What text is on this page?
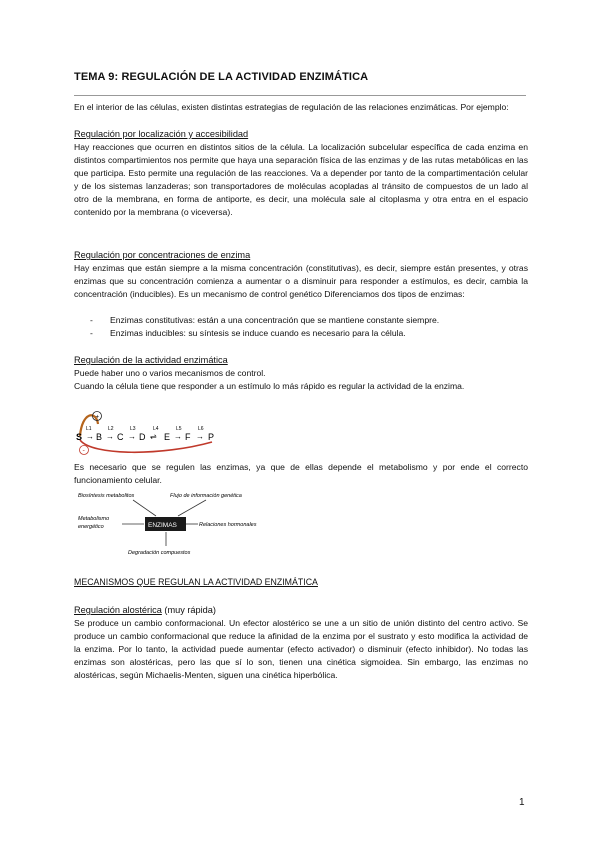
TEMA 9: REGULACIÓN DE LA ACTIVIDAD ENZIMÁTICA

En el interior de las células, existen distintas estrategias de regulación de las relaciones enzimáticas. Por ejemplo:

Regulación por localización y accesibilidad

Hay reacciones que ocurren en distintos sitios de la célula. La localización subcelular específica de cada enzima en distintos compartimientos nos permite que haya una separación física de las enzimas y de las rutas metabólicas en las que participa. Esto permite una regulación de las reacciones. Va a depender por tanto de la compartimentación celular y de los sistemas lanzaderas; son transportadores de moléculas acopladas al tránsito de compuestos de un lado al otro de la membrana, en forma de antiporte, es decir, una molécula sale al citoplasma y otra entra en el espacio contenido por la membrana (o viceversa).

Regulación por concentraciones de enzima

Hay enzimas que están siempre a la misma concentración (constitutivas), es decir, siempre están presentes, y otras enzimas que su concentración comienza a aumentar o a disminuir para responder a estímulos, es decir, cambia la concentración (inducibles). Es un mecanismo de control genético Diferenciamos dos tipos de enzimas:

- Enzimas constitutivas: están a una concentración que se mantiene constante siempre.

- Enzimas inducibles: su síntesis se induce cuando es necesario para la célula.

Regulación de la actividad enzimática

Puede haber uno o varios mecanismos de control.

Cuando la célula tiene que responder a un estímulo lo más rápido es regular la actividad de la enzima.

+
-
S → B → C → D ⇌ E → F → P
L1	L2	L3	L4	L5	L6

Es necesario que se regulen las enzimas, ya que de ellas depende el metabolismo y por ende el correcto funcionamiento celular.

ENZIMAS
Biosíntesis metabolitos	Flujo de información genética
Metabolismo
energético	Relaciones hormonales
Degradación compuestos

MECANISMOS QUE REGULAN LA ACTIVIDAD ENZIMÁTICA

Regulación alostérica (muy rápida)

Se produce un cambio conformacional. Un efector alostérico se une a un sitio de unión distinto del centro activo. Se produce un cambio conformacional que reduce la afinidad de la enzima por el sustrato y esto modifica la actividad de la enzima. Por lo tanto, la actividad puede aumentar (efecto activador) o disminuir (efecto inhibidor). No todas las enzimas son alostéricas, pero las que sí lo son, tienen una cinética sigmoidea. Sin embargo, las enzimas no alostéricas, según Michaelis-Menten, siguen una cinética hiperbólica.

1
